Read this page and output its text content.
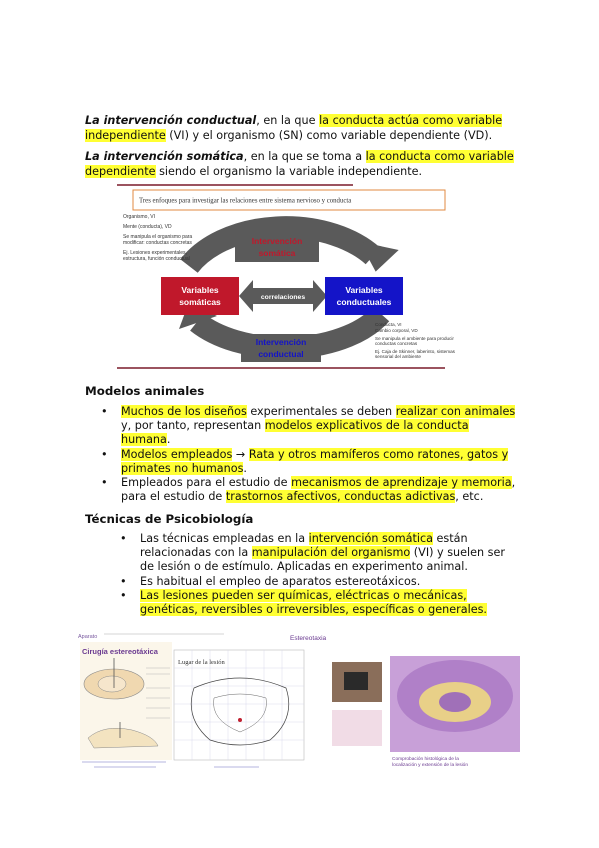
La intervención conductual, en la que la conducta actúa como variable
independiente (VI) y el organismo (SN) como variable dependiente (VD).

La intervención somática, en la que se toma a la conducta como variable
dependiente siendo el organismo la variable independiente.

Tres enfoques para investigar las relaciones entre sistema nervioso y conducta
Organismo, VI
Mente (conducta), VD
Se manipula el organismo para
modificar: conductas concretas
Ej. Lesiones experimentales,
estructura, función conductual
Intervención
somática
Variables
somáticas	correlaciones
Variables
conductuales
Intervención
conductual
Conducta, VI
Cambio corporal, VD
Se manipula el ambiente para producir
conductas concretas
Ej. Caja de Skinner, laberinto, sistemas
sensorial del ambiente

Modelos animales

• Muchos de los diseños experimentales se deben realizar con animales
y, por tanto, representan modelos explicativos de la conducta
humana.
• Modelos empleados → Rata y otros mamíferos como ratones, gatos y
primates no humanos.
• Empleados para el estudio de mecanismos de aprendizaje y memoria,
para el estudio de trastornos afectivos, conductas adictivas, etc.

Técnicas de Psicobiología

• Las técnicas empleadas en la intervención somática están
relacionadas con la manipulación del organismo (VI) y suelen ser
de lesión o de estímulo. Aplicadas en experimento animal.
• Es habitual el empleo de aparatos estereotáxicos.
• Las lesiones pueden ser químicas, eléctricas o mecánicas,
genéticas, reversibles o irreversibles, específicas o generales.
Aparato
Cirugía estereotáxica
Lugar de la lesión
Estereotaxia
Comprobación histológica de la
localización y extensión de la lesión
